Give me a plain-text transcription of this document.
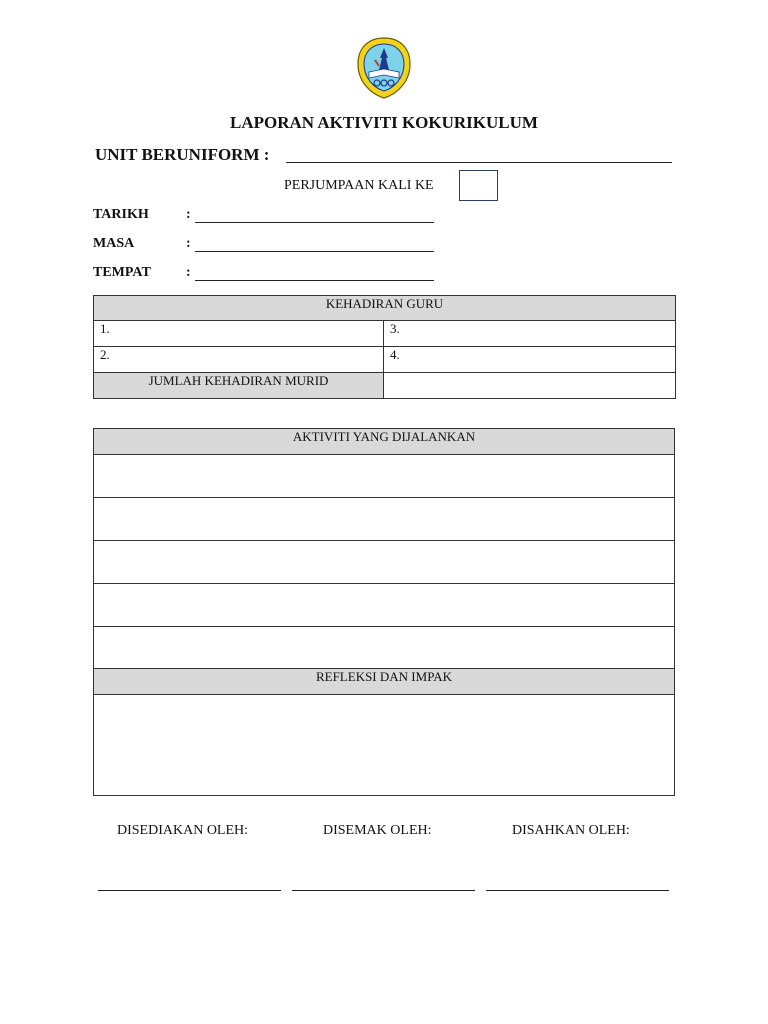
LAPORAN AKTIVITI KOKURIKULUM
UNIT BERUNIFORM :
PERJUMPAAN KALI KE
TARIKH	:
MASA	:
TEMPAT	:
KEHADIRAN GURU	
1.	3.
2.	4.
JUMLAH KEHADIRAN MURID	
AKTIVITI YANG DIJALANKAN

REFLEKSI DAN IMPAK

DISEDIAKAN OLEH:	DISEMAK OLEH:	DISAHKAN OLEH:
